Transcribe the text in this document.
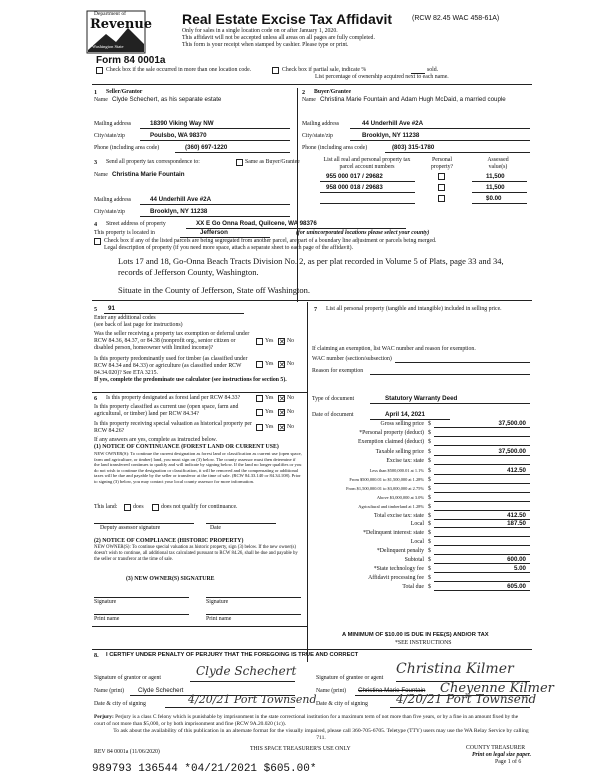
Department of
Revenue
Washington State
Real Estate Excise Tax Affidavit	(RCW 82.45 WAC 458-61A)
Only for sales in a single location code on or after January 1, 2020.
This affidavit will not be accepted unless all areas on all pages are fully completed.
This form is your receipt when stamped by cashier. Please type or print.
Form 84 0001a
Check box if the sale occurred in more than one location code.	Check box if partial sale, indicate %	sold.
List percentage of ownership acquired next to each name.
1 Seller/Grantor
Name Clyde Schechert, as his separate estate
Mailing address	18390 Viking Way NW
City/state/zip	Poulsbo, WA 98370
Phone (including area code)	(360) 697-1220
2 Buyer/Grantee
Name Christina Marie Fountain and Adam Hugh McDaid, a married couple
Mailing address	44 Underhill Ave #2A
City/state/zip	Brooklyn, NY 11238
Phone (including area code)	(803) 315-1780
3 Send all property tax correspondence to:	Same as Buyer/Grantee
Name Christina Marie Fountain
Mailing address	44 Underhill Ave #2A
City/state/zip	Brooklyn, NY 11238
List all real and personal property tax parcel account numbers
Personal property?
Assessed value(s)
955 000 017 / 29682	11,500
958 000 018 / 29683	11,500
$0.00
4 Street address of property	XX E Go Onna Road, Quilcene, WA 98376
This property is located in	Jefferson	(for unincorporated locations please select your county)
Check box if any of the listed parcels are being segregated from another parcel, are part of a boundary line adjustment or parcels being merged.
Legal description of property (if you need more space, attach a separate sheet to each page of the affidavit).
Lots 17 and 18, Go-Onna Beach Tracts Division No. 2, as per plat recorded in Volume 5 of Plats, page 33 and 34, records of Jefferson County, Washington.
Situate in the County of Jefferson, State off Washington.
5 91
Enter any additional codes
(see back of last page for instructions)
Was the seller receiving a property tax exemption or deferral under RCW 84.36, 84.37, or 84.38 (nonprofit org., senior citizen or disabled person, homeowner with limited income)?
Yes ✕ No
Is this property predominantly used for timber (as classified under RCW 84.34 and 84.33) or agriculture (as classified under RCW 84.34.020)? See ETA 3215.
Yes ✕ No
If yes, complete the predominate use calculator (see instructions for section 5).
6 Is this property designated as forest land per RCW 84.33?	Yes ✕ No
Is this property classified as current use (open space, farm and agricultural, or timber) land per RCW 84.34?	Yes ✕ No
Is this property receiving special valuation as historical property per RCW 84.26?
Yes ✕ No
If any answers are yes, complete as instructed below.
(1) NOTICE OF CONTINUANCE (FOREST LAND OR CURRENT USE)
NEW OWNER(S): To continue the current designation as forest land or classification as current use (open space, farm and agriculture, or timber) land, you must sign on (3) below. The county assessor must then determine if the land transferred continues to qualify and will indicate by signing below. If the land no longer qualifies or you do not wish to continue the designation or classification, it will be removed and the compensating or additional taxes will be due and payable by the seller or transferor at the time of sale. (RCW 84.33.140 or 84.34.108). Prior to signing (3) below, you may contact your local county assessor for more information.
This land:	does	does not qualify for continuance.
Deputy assessor signature	Date
(2) NOTICE OF COMPLIANCE (HISTORIC PROPERTY)
NEW OWNER(S): To continue special valuation as historic property, sign (3) below. If the new owner(s) doesn't wish to continue, all additional tax calculated pursuant to RCW 84.26, shall be due and payable by the seller or transferor at the time of sale.
(3) NEW OWNER(S) SIGNATURE
Signature	Signature
Print name	Print name
7 List all personal property (tangible and intangible) included in selling price.
If claiming an exemption, list WAC number and reason for exemption.
WAC number (section/subsection)
Reason for exemption
Type of document	Statutory Warranty Deed
Date of document	April 14, 2021
Gross selling price $	37,500.00
*Personal property (deduct) $
Exemption claimed (deduct) $
Taxable selling price $	37,500.00
Excise tax: state $
Less than $500,000.01 at 1.1% $	412.50
From $500,000.01 to $1,500,000 at 1.28% $
From $1,500,000.01 to $3,000,000 at 2.75% $
Above $3,000,000 at 3.0% $
Agricultural and timberland at 1.28% $
Total excise tax: state $	412.50
Local $	187.50
*Delinquent interest: state $
Local $
*Delinquent penalty $
Subtotal $	600.00
*State technology fee $	5.00
Affidavit processing fee $
Total due $	605.00
A MINIMUM OF $10.00 IS DUE IN FEE(S) AND/OR TAX
*SEE INSTRUCTIONS
8. I CERTIFY UNDER PENALTY OF PERJURY THAT THE FOREGOING IS TRUE AND CORRECT
Signature of grantor or agent	Clyde Schechert
Name (print) Clyde Schechert
Date & city of signing	4/20/21 Port Townsend
Signature of grantee or agent
Christina Kilmer
Name (print) Christina Marie Fountain Cheyenne Kilmer
Date & city of signing 4/20/21 Port Townsend
Perjury: Perjury is a class C felony which is punishable by imprisonment in the state correctional institution for a maximum term of not more than five years, or by a fine in an amount fixed by the court of not more than $5,000, or by both imprisonment and fine (RCW 9A.20.020 (1c)).
To ask about the availability of this publication in an alternate format for the visually impaired, please call 360-705-6705. Teletype (TTY) users may use the WA Relay Service by calling 711.
REV 84 0001a (11/06/2020)	THIS SPACE TREASURER'S USE ONLY	COUNTY TREASURER
Print on legal size paper.
Page 1 of 6
989793 136544 *04/21/2021 $605.00*
